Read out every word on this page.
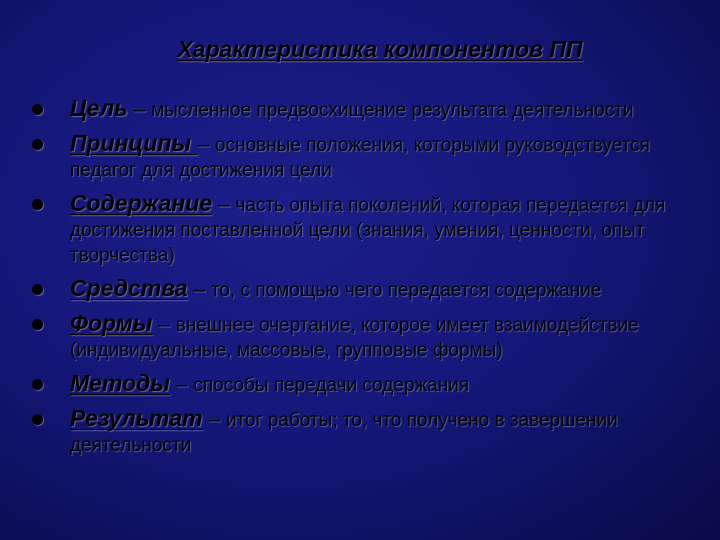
Характеристика компонентов ПП
Цель – мысленное предвосхищение результата деятельности
Принципы – основные положения, которыми руководствуется педагог для достижения цели
Содержание – часть опыта поколений, которая передается для достижения поставленной цели (знания, умения, ценности, опыт творчества)
Средства – то, с помощью чего передается содержание
Формы – внешнее очертание, которое имеет взаимодействие (индивидуальные, массовые, групповые формы)
Методы – способы передачи содержания
Результат – итог работы; то, что получено в завершении деятельности
